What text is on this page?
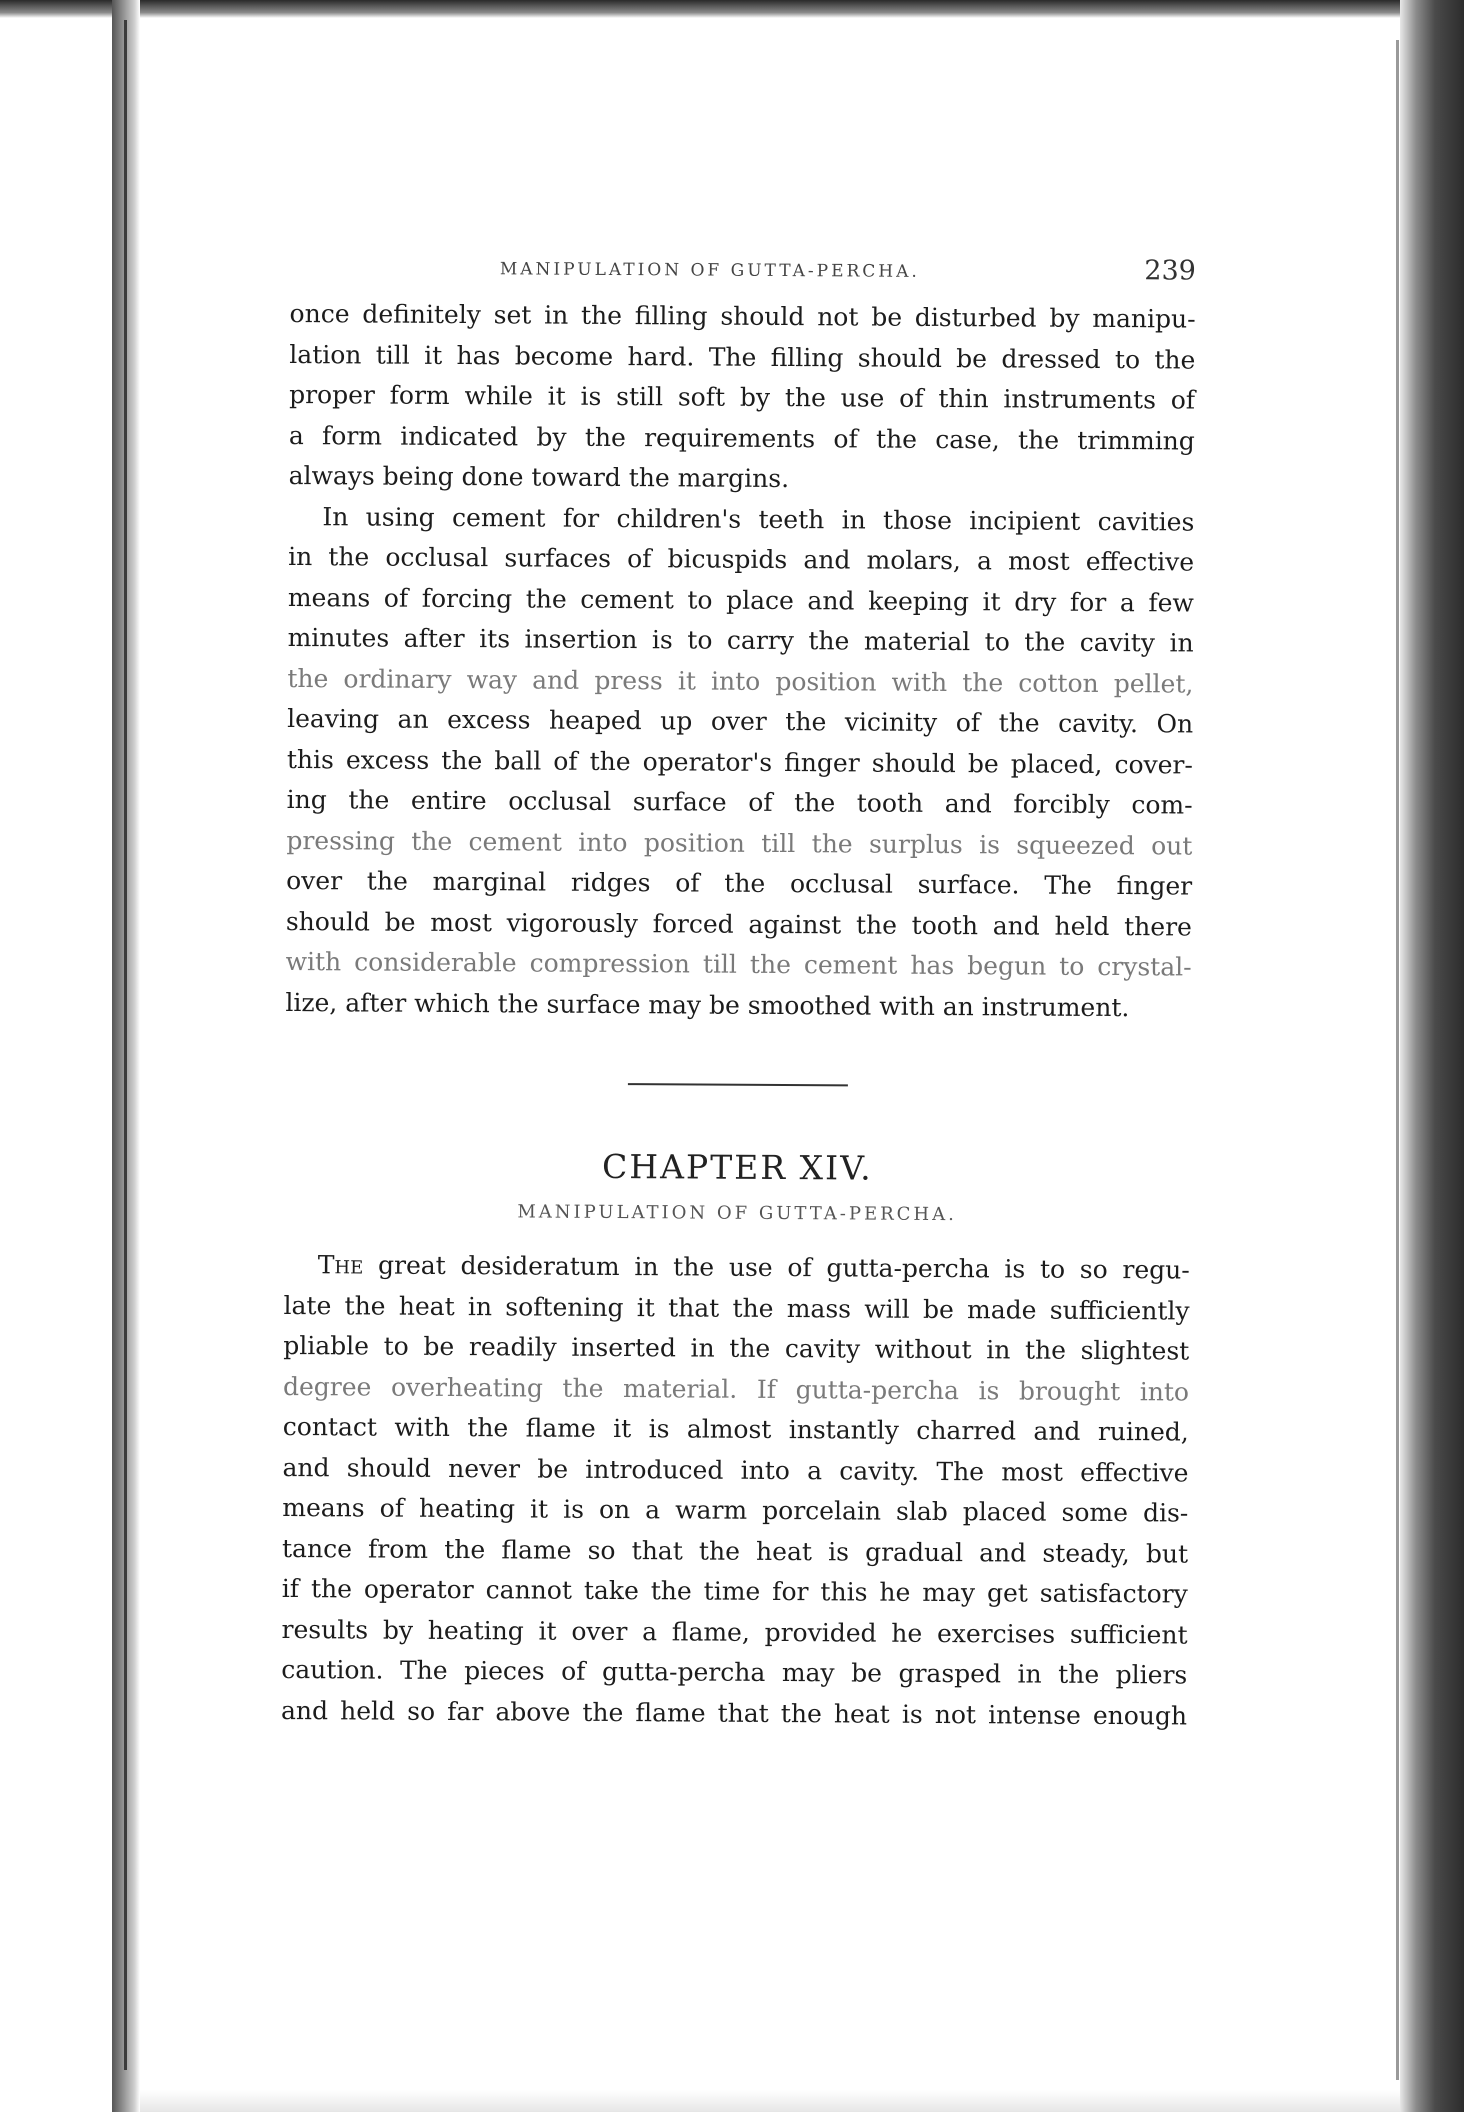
MANIPULATION OF GUTTA-PERCHA.	239
once definitely set in the filling should not be disturbed by manipu-
lation till it has become hard. The filling should be dressed to the
proper form while it is still soft by the use of thin instruments of
a form indicated by the requirements of the case, the trimming
always being done toward the margins.
In using cement for children's teeth in those incipient cavities
in the occlusal surfaces of bicuspids and molars, a most effective
means of forcing the cement to place and keeping it dry for a few
minutes after its insertion is to carry the material to the cavity in
the ordinary way and press it into position with the cotton pellet,
leaving an excess heaped up over the vicinity of the cavity. On
this excess the ball of the operator's finger should be placed, cover-
ing the entire occlusal surface of the tooth and forcibly com-
pressing the cement into position till the surplus is squeezed out
over the marginal ridges of the occlusal surface. The finger
should be most vigorously forced against the tooth and held there
with considerable compression till the cement has begun to crystal-
lize, after which the surface may be smoothed with an instrument.
CHAPTER XIV.
MANIPULATION OF GUTTA-PERCHA.
The great desideratum in the use of gutta-percha is to so regu-
late the heat in softening it that the mass will be made sufficiently
pliable to be readily inserted in the cavity without in the slightest
degree overheating the material. If gutta-percha is brought into
contact with the flame it is almost instantly charred and ruined,
and should never be introduced into a cavity. The most effective
means of heating it is on a warm porcelain slab placed some dis-
tance from the flame so that the heat is gradual and steady, but
if the operator cannot take the time for this he may get satisfactory
results by heating it over a flame, provided he exercises sufficient
caution. The pieces of gutta-percha may be grasped in the pliers
and held so far above the flame that the heat is not intense enough
